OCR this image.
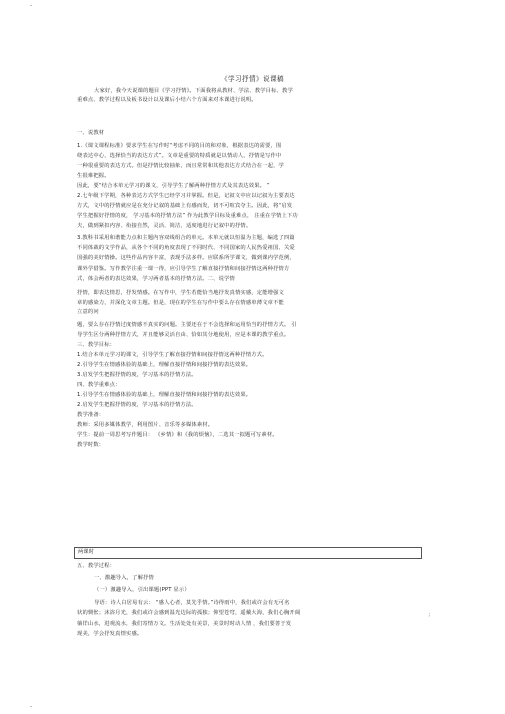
-
《学习抒情》说课稿
大家好，我今天说课的题目《学习抒情》。下面我将从教材、学法、教学目标、教学
重难点、教学过程以及板书设计以及课后小结六个方面来对本课进行说明。
一、说教材
1.《课文课程标准》要求学生在写作时“考虑不同的目的和对象，根据表达的需要，围
绕表达中心，选择恰当的表达方式”。文章是重要的特质就是以情动人，抒情是写作中
一种很重要的表达方式。但是抒情比较抽象，而且常常和其他表达方式结合在一起，学
生很难把握。
因此，要“结合本单元学习的课文，引导学生了解两种抒情方式及其表达效果。 ”
2.七年级下学期，各种表达方式学生已经学习并掌握。但是，记叙文中应以记叙为主要表达
方式，文中的抒情就应是在充分记叙的基础上有感而发，切不可喧宾夺主。因此，将“启发
学生把握好抒情的度， 学习基本的抒情方法” 作为此教学目标及重难点， 注重在学情上下功
夫，做到紧扣内容、衔接自然，灵活、简洁、适度地进行记叙中的抒情。
3.教科书采用和谐能力点和主题内容双线组合的单元。本单元就以恒温为主题，编选了四篇
不同体裁的文学作品，从各个不同的角度表现了不同时代、不同国家的人民热爱祖国、关爱
国强的美好情操。这些作品内容丰富，表现手法多样。应联系所学课文，做到课内学范例，
课外学借鉴。写作教学注重一课一得，应引导学生了解直接抒情和间接抒情这两种抒情方
式，体会两者的表达效果，学习两者基本的抒情方法。二、说学情
抒情，即表达情思，抒发情感。在写作中，学生若能恰当地抒发真情实感，定能增强文
章的感染力，并深化文章主题。但是，现在的学生在写作中要么存在情感单薄文章不能
立意的问
题，要么存在抒情过度情感不真实的问题。主要还在于不会选择和运用恰当的抒情方式。 引
导学生区分两种抒情方式，并且能够灵活自由、恰如其分地使用，应是本课的教学重点。
三、教学目标：
1.结合本单元学习的课文，引导学生了解直接抒情和间接抒情这两种抒情方式。
2.引导学生在情感体验的基础上，理解直接抒情和间接抒情的表达效果。
3.启发学生把握抒情的度，学习基本的抒情方法。
四、教学重难点：
1.引导学生在情感体验的基础上，理解直接抒情和间接抒情的表达效果。
2.启发学生把握抒情的度，学习基本的抒情方法。
教学准备：
教师：采用多媒体教学，利用图片、音乐等多媒体素材。
学生：提前一周思考写作题目： 《乡情》和《我的烦恼》，二选其一拟题可写素材。
教学时数：
两课时
五、教学过程：
一、激趣导入，了解抒情
（一）激趣导入，引出课题(PPT 显示）
导语：诗人白居易有云： “感人心者，莫先乎情。”诗得雨中，我们或许会有无可名
状的惆怅；沐浴月光，我们或许会感到温光边际的孤独；仰望苍穹，遥戴大海，我们心胸开阔
徜徉山水，进观流水，我们寄情万文。生活处处有美景，美景时时动人情 ，我们要善于发
现美，学会抒发真情实感。
；
-
